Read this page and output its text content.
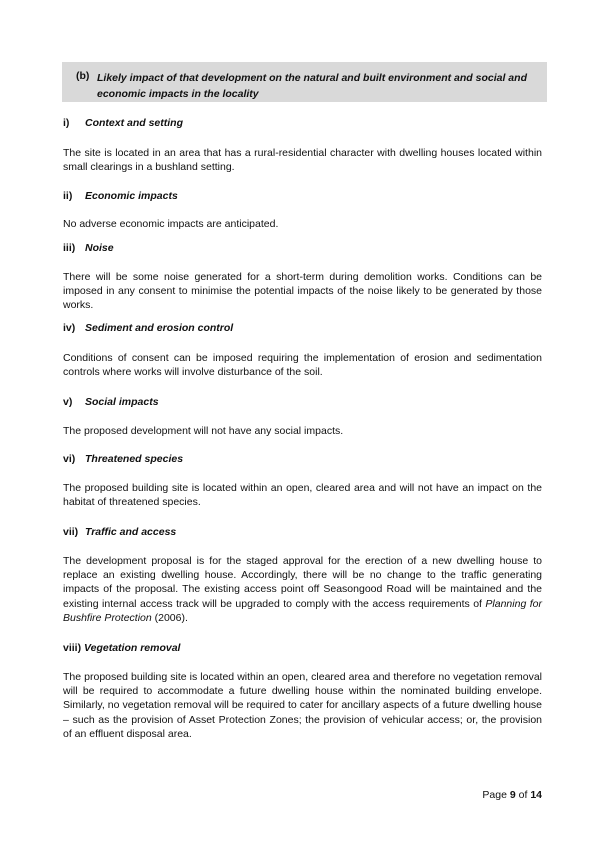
(b) Likely impact of that development on the natural and built environment and social and economic impacts in the locality
i) Context and setting
The site is located in an area that has a rural-residential character with dwelling houses located within small clearings in a bushland setting.
ii) Economic impacts
No adverse economic impacts are anticipated.
iii) Noise
There will be some noise generated for a short-term during demolition works. Conditions can be imposed in any consent to minimise the potential impacts of the noise likely to be generated by those works.
iv) Sediment and erosion control
Conditions of consent can be imposed requiring the implementation of erosion and sedimentation controls where works will involve disturbance of the soil.
v) Social impacts
The proposed development will not have any social impacts.
vi) Threatened species
The proposed building site is located within an open, cleared area and will not have an impact on the habitat of threatened species.
vii) Traffic and access
The development proposal is for the staged approval for the erection of a new dwelling house to replace an existing dwelling house. Accordingly, there will be no change to the traffic generating impacts of the proposal. The existing access point off Seasongood Road will be maintained and the existing internal access track will be upgraded to comply with the access requirements of Planning for Bushfire Protection (2006).
viii) Vegetation removal
The proposed building site is located within an open, cleared area and therefore no vegetation removal will be required to accommodate a future dwelling house within the nominated building envelope. Similarly, no vegetation removal will be required to cater for ancillary aspects of a future dwelling house – such as the provision of Asset Protection Zones; the provision of vehicular access; or, the provision of an effluent disposal area.
Page 9 of 14
